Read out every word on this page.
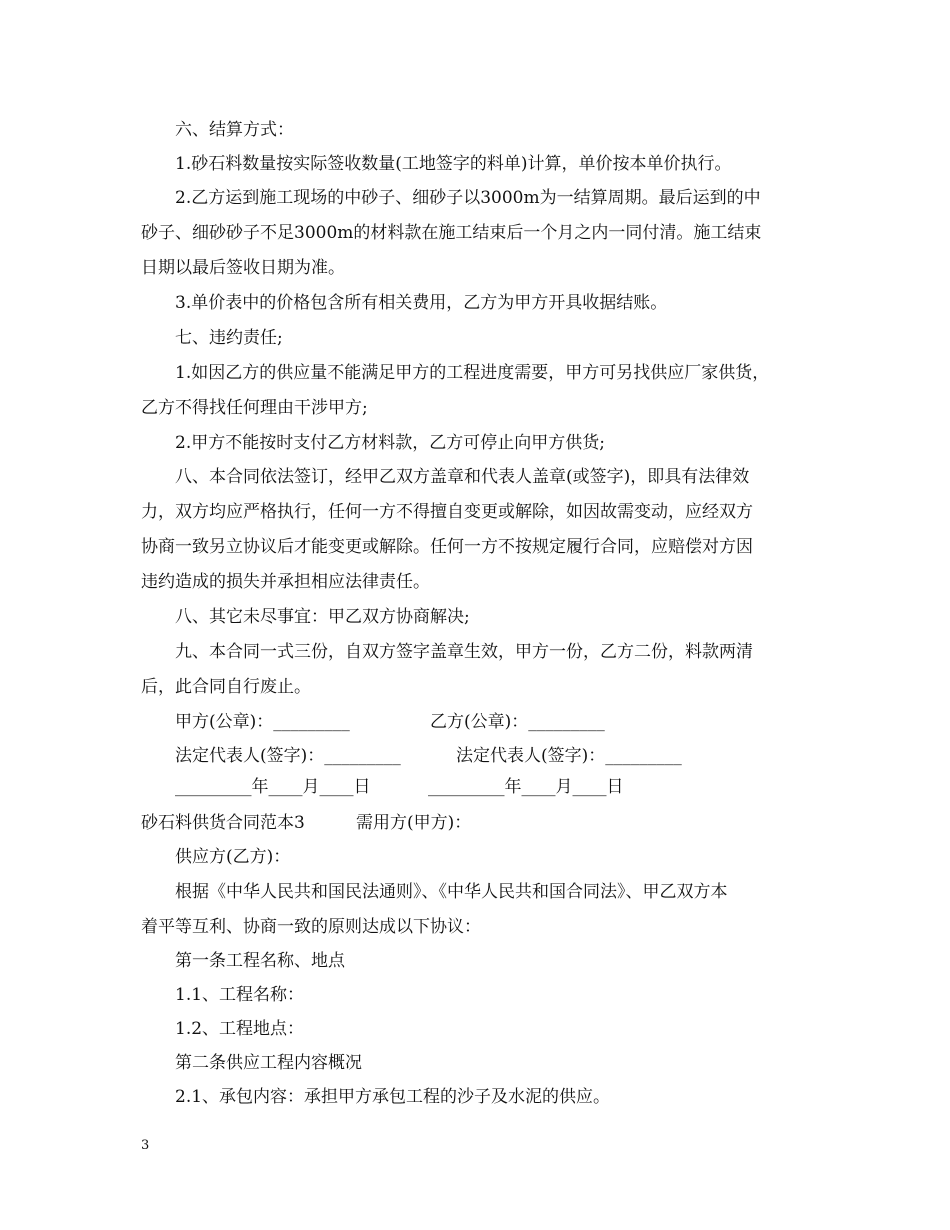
六、结算方式：
1.砂石料数量按实际签收数量(工地签字的料单)计算，单价按本单价执行。
2.乙方运到施工现场的中砂子、细砂子以3000m为一结算周期。最后运到的中
砂子、细砂砂子不足3000m的材料款在施工结束后一个月之内一同付清。施工结束
日期以最后签收日期为准。
3.单价表中的价格包含所有相关费用，乙方为甲方开具收据结账。
七、违约责任;
1.如因乙方的供应量不能满足甲方的工程进度需要，甲方可另找供应厂家供货，
乙方不得找任何理由干涉甲方;
2.甲方不能按时支付乙方材料款，乙方可停止向甲方供货;
八、本合同依法签订，经甲乙双方盖章和代表人盖章(或签字)，即具有法律效
力，双方均应严格执行，任何一方不得擅自变更或解除，如因故需变动，应经双方
协商一致另立协议后才能变更或解除。任何一方不按规定履行合同，应赔偿对方因
违约造成的损失并承担相应法律责任。
八、其它未尽事宜：甲乙双方协商解决;
九、本合同一式三份，自双方签字盖章生效，甲方一份，乙方二份，料款两清
后，此合同自行废止。
甲方(公章)：_________	乙方(公章)：_________
法定代表人(签字)：_________	法定代表人(签字)：_________
_________年____月____日	_________年____月____日
砂石料供货合同范本3	需用方(甲方)：
供应方(乙方)：
根据《中华人民共和国民法通则》、《中华人民共和国合同法》、甲乙双方本
着平等互利、协商一致的原则达成以下协议：
第一条工程名称、地点
1.1、工程名称：
1.2、工程地点：
第二条供应工程内容概况
2.1、承包内容：承担甲方承包工程的沙子及水泥的供应。
3
